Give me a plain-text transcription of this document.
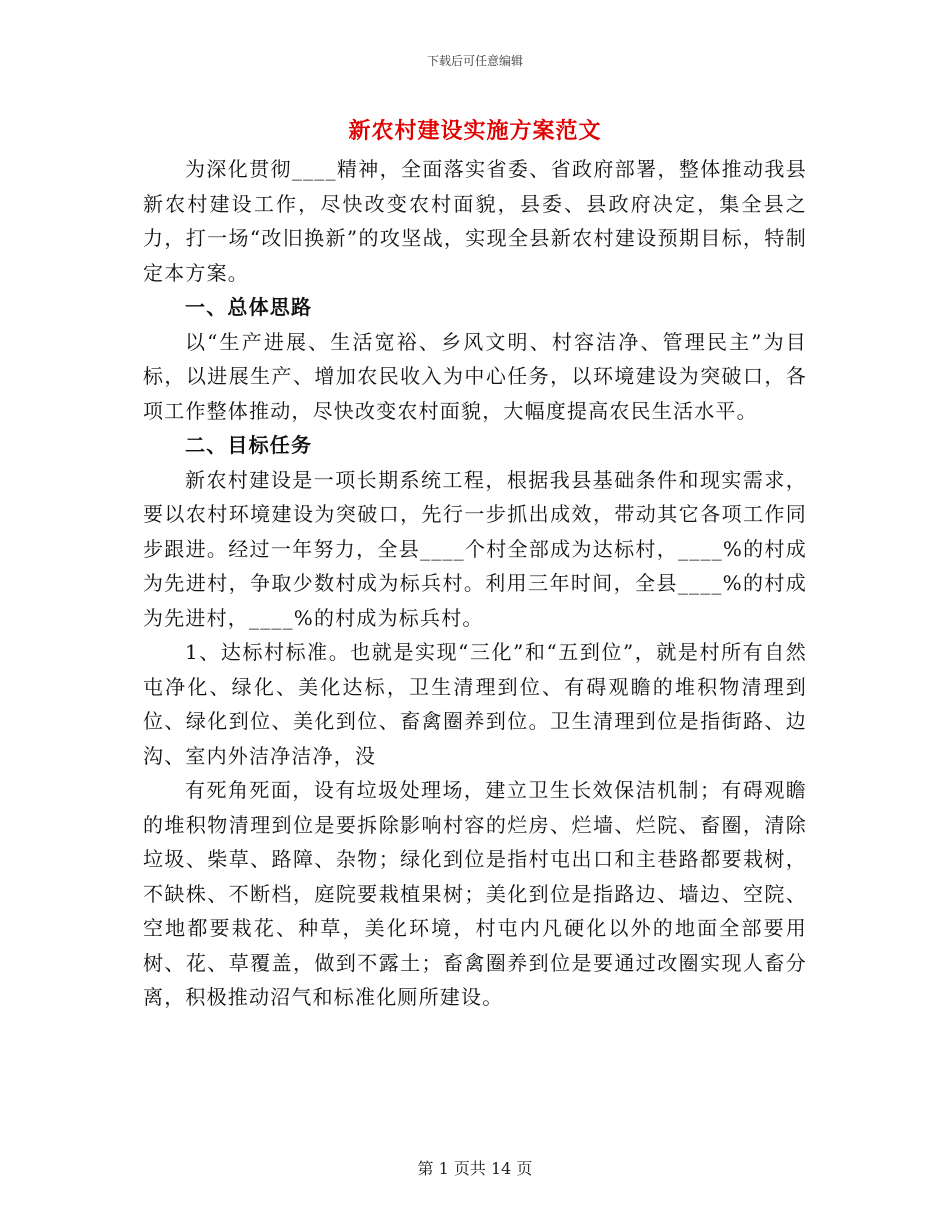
下载后可任意编辑
新农村建设实施方案范文

为深化贯彻____精神，全面落实省委、省政府部署，整体推动我县新农村建设工作，尽快改变农村面貌，县委、县政府决定，集全县之力，打一场“改旧换新”的攻坚战，实现全县新农村建设预期目标，特制定本方案。

一、总体思路

以“生产进展、生活宽裕、乡风文明、村容洁净、管理民主”为目标，以进展生产、增加农民收入为中心任务，以环境建设为突破口，各项工作整体推动，尽快改变农村面貌，大幅度提高农民生活水平。

二、目标任务

新农村建设是一项长期系统工程，根据我县基础条件和现实需求，要以农村环境建设为突破口，先行一步抓出成效，带动其它各项工作同步跟进。经过一年努力，全县____个村全部成为达标村，____%的村成为先进村，争取少数村成为标兵村。利用三年时间，全县____%的村成为先进村，____%的村成为标兵村。

1、达标村标准。也就是实现“三化”和“五到位”，就是村所有自然屯净化、绿化、美化达标，卫生清理到位、有碍观瞻的堆积物清理到位、绿化到位、美化到位、畜禽圈养到位。卫生清理到位是指街路、边沟、室内外洁净洁净，没

有死角死面，设有垃圾处理场，建立卫生长效保洁机制；有碍观瞻的堆积物清理到位是要拆除影响村容的烂房、烂墙、烂院、畜圈，清除垃圾、柴草、路障、杂物；绿化到位是指村屯出口和主巷路都要栽树，不缺株、不断档，庭院要栽植果树；美化到位是指路边、墙边、空院、空地都要栽花、种草，美化环境，村屯内凡硬化以外的地面全部要用树、花、草覆盖，做到不露土；畜禽圈养到位是要通过改圈实现人畜分离，积极推动沼气和标准化厕所建设。

第 1 页共 14 页
